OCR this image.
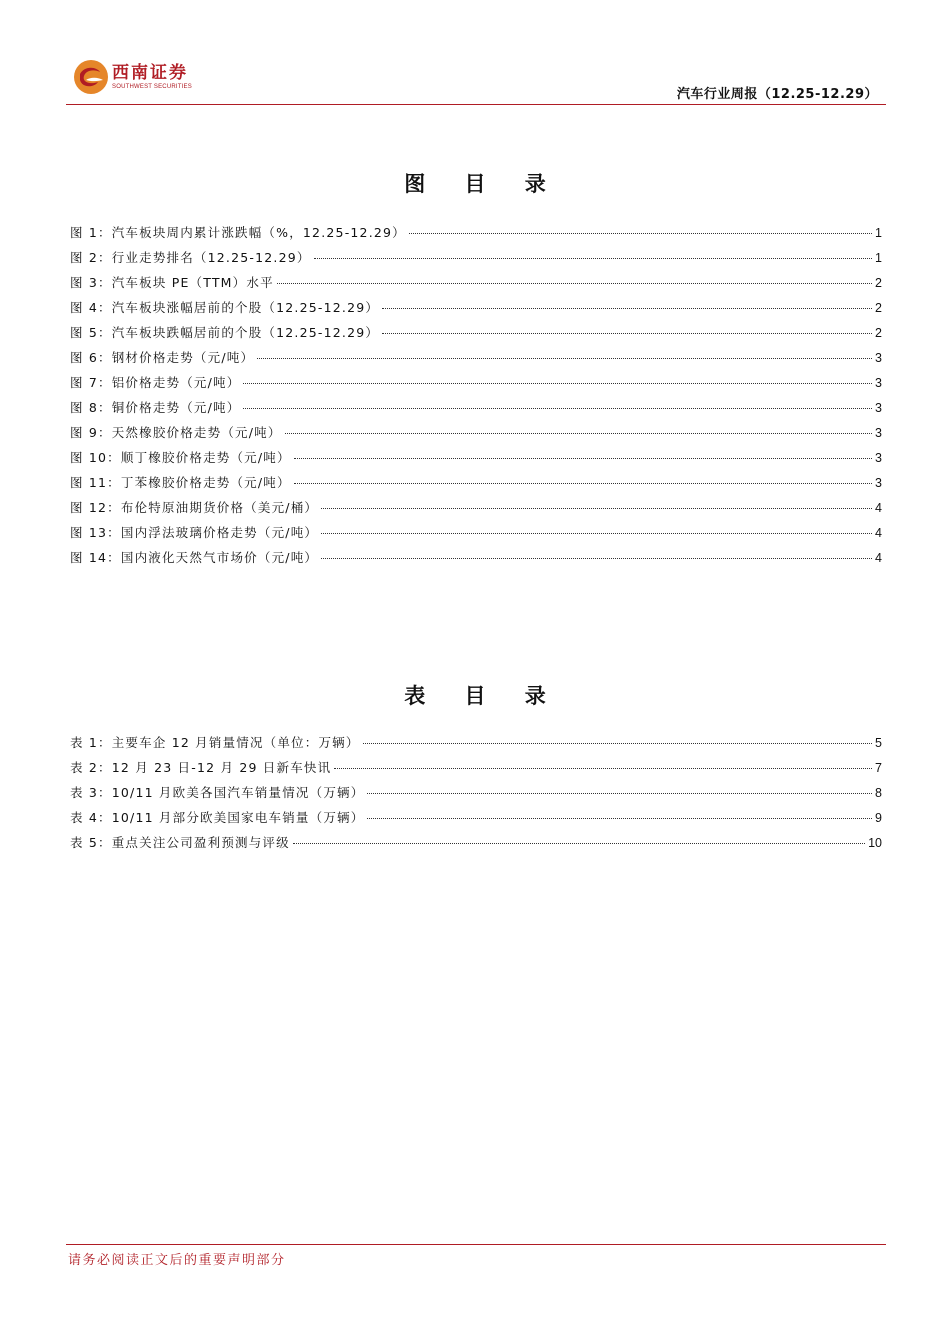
西南证券
SOUTHWEST SECURITIES	汽车行业周报（12.25-12.29）
图 目 录
图 1：汽车板块周内累计涨跌幅（%，12.25-12.29）	1
图 2：行业走势排名（12.25-12.29）	1
图 3：汽车板块 PE（TTM）水平	2
图 4：汽车板块涨幅居前的个股（12.25-12.29）	2
图 5：汽车板块跌幅居前的个股（12.25-12.29）	2
图 6：钢材价格走势（元/吨）	3
图 7：铝价格走势（元/吨）	3
图 8：铜价格走势（元/吨）	3
图 9：天然橡胶价格走势（元/吨）	3
图 10：顺丁橡胶价格走势（元/吨）	3
图 11：丁苯橡胶价格走势（元/吨）	3
图 12：布伦特原油期货价格（美元/桶）	4
图 13：国内浮法玻璃价格走势（元/吨）	4
图 14：国内液化天然气市场价（元/吨）	4
表 目 录
表 1：主要车企 12 月销量情况（单位：万辆）	5
表 2：12 月 23 日-12 月 29 日新车快讯	7
表 3：10/11 月欧美各国汽车销量情况（万辆）	8
表 4：10/11 月部分欧美国家电车销量（万辆）	9
表 5：重点关注公司盈利预测与评级	10
请务必阅读正文后的重要声明部分
